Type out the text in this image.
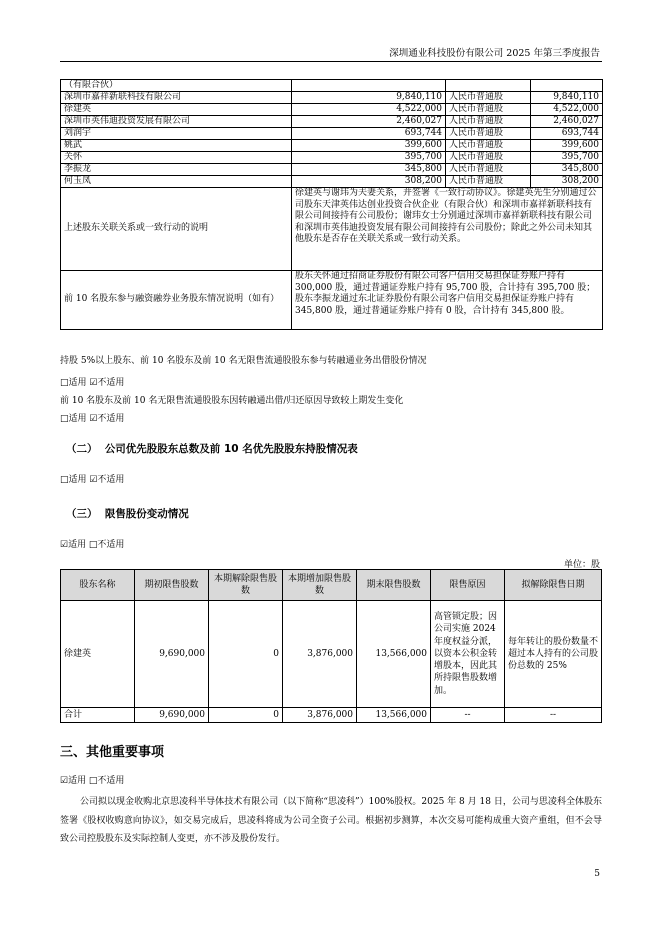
深圳通业科技股份有限公司 2025 年第三季度报告
（有限合伙）			
深圳市嘉祥新联科技有限公司	9,840,110	人民币普通股	9,840,110
徐建英	4,522,000	人民币普通股	4,522,000
深圳市英伟迪投资发展有限公司	2,460,027	人民币普通股	2,460,027
刘润宇	693,744	人民币普通股	693,744
姚武	399,600	人民币普通股	399,600
关怀	395,700	人民币普通股	395,700
李振龙	345,800	人民币普通股	345,800
何玉凤	308,200	人民币普通股	308,200
上述股东关联关系或一致行动的说明	徐建英与谢玮为夫妻关系，并签署《一致行动协议》。徐建英先生分别通过公司股东天津英伟达创业投资合伙企业（有限合伙）和深圳市嘉祥新联科技有限公司间接持有公司股份；谢玮女士分别通过深圳市嘉祥新联科技有限公司和深圳市英伟迪投资发展有限公司间接持有公司股份；除此之外公司未知其他股东是否存在关联关系或一致行动关系。		
前 10 名股东参与融资融券业务股东情况说明（如有）	股东关怀通过招商证券股份有限公司客户信用交易担保证券账户持有 300,000 股，通过普通证券账户持有 95,700 股，合计持有 395,700 股；股东李振龙通过东北证券股份有限公司客户信用交易担保证券账户持有 345,800 股，通过普通证券账户持有 0 股，合计持有 345,800 股。		
持股 5%以上股东、前 10 名股东及前 10 名无限售流通股股东参与转融通业务出借股份情况
□适用 ☑不适用
前 10 名股东及前 10 名无限售流通股股东因转融通出借/归还原因导致较上期发生变化
□适用 ☑不适用
（二） 公司优先股股东总数及前 10 名优先股股东持股情况表
□适用 ☑不适用
（三） 限售股份变动情况
☑适用 □不适用
单位：股
股东名称	期初限售股数	本期解除限售股数	本期增加限售股数	期末限售股数	限售原因	拟解除限售日期
徐建英	9,690,000	0	3,876,000	13,566,000	高管锁定股；因公司实施 2024 年度权益分派，以资本公积金转增股本，因此其所持限售股数增加。	每年转让的股份数量不超过本人持有的公司股份总数的 25%
合计	9,690,000	0	3,876,000	13,566,000	--	--
三、其他重要事项
☑适用 □不适用
公司拟以现金收购北京思凌科半导体技术有限公司（以下简称“思凌科”）100%股权。2025 年 8 月 18 日，公司与思凌科全体股东签署《股权收购意向协议》，如交易完成后，思凌科将成为公司全资子公司。根据初步测算，本次交易可能构成重大资产重组，但不会导致公司控股股东及实际控制人变更，亦不涉及股份发行。
5
